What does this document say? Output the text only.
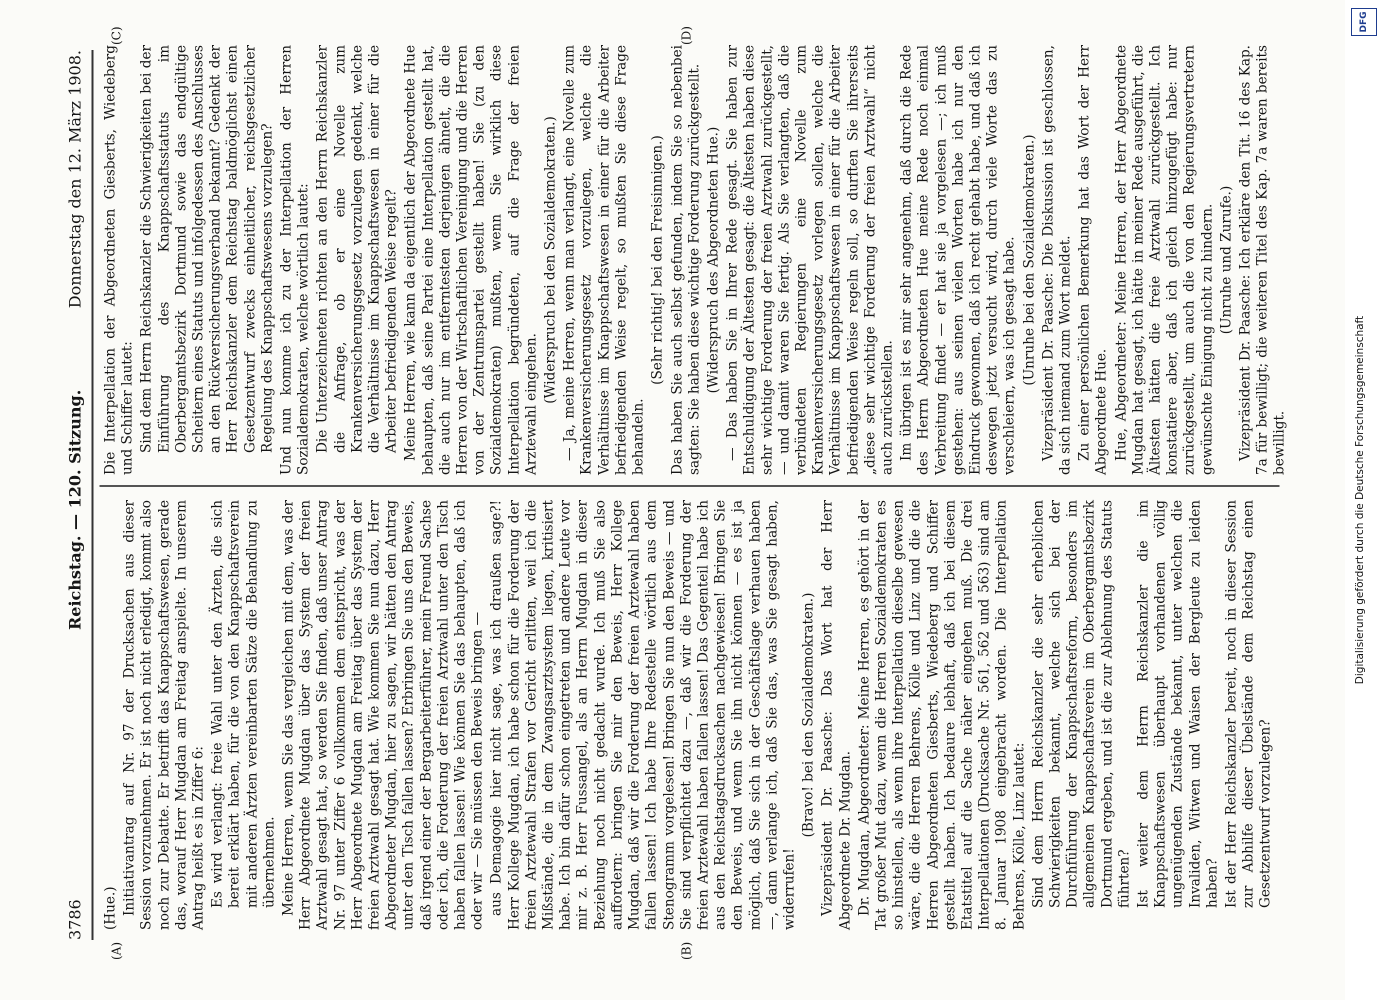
3786
Reichstag. — 120. Sitzung.
Donnerstag den 12. März 1908.
(A)	(B)
(C)	(D)

(Hue.) Initiativantrag auf Nr. 97 der Drucksachen aus dieser Session vorzunehmen. Er ist noch nicht erledigt, kommt also noch zur Debatte. Er betrifft das Knappschaftswesen, gerade das, worauf Herr Mugdan am Freitag anspielte. In unserem Antrag heißt es in Ziffer 6: Es wird verlangt: freie Wahl unter den Ärzten, die sich bereit erklärt haben, für die von den Knappschaftsverein mit anderen Ärzten vereinbarten Sätze die Behandlung zu übernehmen. Meine Herren, wenn Sie das vergleichen mit dem, was der Herr Abgeordnete Mugdan über das System der freien Arztwahl gesagt hat, so werden Sie finden, daß unser Antrag Nr. 97 unter Ziffer 6 vollkommen dem entspricht, was der Herr Abgeordnete Mugdan am Freitag über das System der freien Arztwahl gesagt hat. Wie kommen Sie nun dazu, Herr Abgeordneter Mugdan, hier zu sagen, wir hätten den Antrag unter den Tisch fallen lassen? Erbringen Sie uns den Beweis, daß irgend einer der Bergarbeiterführer, mein Freund Sachse oder ich, die Forderung der freien Arztwahl unter den Tisch haben fallen lassen! Wie können Sie das behaupten, daß ich oder wir — Sie müssen den Beweis bringen — aus Demagogie hier nicht sage, was ich draußen sage?! Herr Kollege Mugdan, ich habe schon für die Forderung der freien Arztewahl Strafen vor Gericht erlitten, weil ich die Mißstände, die in dem Zwangsarztsystem liegen, kritisiert habe. Ich bin dafür schon eingetreten und andere Leute vor mir z. B. Herr Fussangel, als an Herrn Mugdan in dieser Beziehung noch nicht gedacht wurde. Ich muß Sie also auffordern: bringen Sie mir den Beweis, Herr Kollege Mugdan, daß wir die Forderung der freien Arztewahl haben fallen lassen! Ich habe Ihre Redestelle wörtlich aus dem Stenogramm vorgelesen! Bringen Sie nun den Beweis — und Sie sind verpflichtet dazu —, daß wir die Forderung der freien Arztewahl haben fallen lassen! Das Gegenteil habe ich aus den Reichstagsdrucksachen nachgewiesen! Bringen Sie den Beweis, und wenn Sie ihn nicht können — es ist ja möglich, daß Sie sich in der Geschäftslage verhauen haben —, dann verlange ich, daß Sie das, was Sie gesagt haben, widerrufen!

(Bravo! bei den Sozialdemokraten.) Vizepräsident Dr. Paasche: Das Wort hat der Herr Abgeordnete Dr. Mugdan. Dr. Mugdan, Abgeordneter: Meine Herren, es gehört in der Tat großer Mut dazu, wenn die Herren Sozialdemokraten es so hinstellen, als wenn ihre Interpellation dieselbe gewesen wäre, die die Herren Behrens, Kölle und Linz und die die Herren Abgeordneten Giesberts, Wiedeberg und Schiffer gestellt haben. Ich bedaure lebhaft, daß ich bei diesem Etatstitel auf die Sache näher eingehen muß. Die drei Interpellationen (Drucksache Nr. 561, 562 und 563) sind am 8. Januar 1908 eingebracht worden. Die Interpellation Behrens, Kölle, Linz lautet: Sind dem Herrn Reichskanzler die sehr erheblichen Schwierigkeiten bekannt, welche sich bei der Durchführung der Knappschaftsreform, besonders im allgemeinen Knappschaftsverein im Oberbergamtsbezirk Dortmund ergeben, und ist die zur Ablehnung des Statuts führten? Ist weiter dem Herrn Reichskanzler die im Knappschaftswesen überhaupt vorhandenen völlig ungenügenden Zustände bekannt, unter welchen die Invaliden, Witwen und Waisen der Bergleute zu leiden haben? Ist der Herr Reichskanzler bereit, noch in dieser Session zur Abhilfe dieser Übelstände dem Reichstag einen Gesetzentwurf vorzulegen?

Die Interpellation der Abgeordneten Giesberts, Wiedeberg und Schiffer lautet: Sind dem Herrn Reichskanzler die Schwierigkeiten bei der Einführung des Knappschaftsstatuts im Oberbergamtsbezirk Dortmund sowie das endgültige Scheitern eines Statuts und infolgedessen des Anschlusses an den Rückversicherungsverband bekannt? Gedenkt der Herr Reichskanzler dem Reichstag baldmöglichst einen Gesetzentwurf zwecks einheitlicher, reichsgesetzlicher Regelung des Knappschaftswesens vorzulegen? Und nun komme ich zu der Interpellation der Herren Sozialdemokraten, welche wörtlich lautet: Die Unterzeichneten richten an den Herrn Reichskanzler die Anfrage, ob er eine Novelle zum Krankenversicherungsgesetz vorzulegen gedenkt, welche die Verhältnisse im Knappschaftswesen in einer für die Arbeiter befriedigenden Weise regelt? Meine Herren, wie kann da eigentlich der Abgeordnete Hue behaupten, daß seine Partei eine Interpellation gestellt hat, die auch nur im entferntesten derjenigen ähnelt, die die Herren von der Wirtschaftlichen Vereinigung und die Herren von der Zentrumspartei gestellt haben! Sie (zu den Sozialdemokraten) mußten, wenn Sie wirklich diese Interpellation begründeten, auf die Frage der freien Arztewahl eingehen.

(Widerspruch bei den Sozialdemokraten.) — Ja, meine Herren, wenn man verlangt, eine Novelle zum Krankenversicherungsgesetz vorzulegen, welche die Verhältnisse im Knappschaftswesen in einer für die Arbeiter befriedigenden Weise regelt, so mußten Sie diese Frage behandeln.

(Sehr richtig! bei den Freisinnigen.) Das haben Sie auch selbst gefunden, indem Sie so nebenbei sagten: Sie haben diese wichtige Forderung zurückgestellt. (Widerspruch des Abgeordneten Hue.) — Das haben Sie in Ihrer Rede gesagt. Sie haben zur Entschuldigung der Ältesten gesagt: die Ältesten haben diese sehr wichtige Forderung der freien Arztwahl zurückgestellt, — und damit waren Sie fertig. Als Sie verlangten, daß die verbündeten Regierungen eine Novelle zum Krankenversicherungsgesetz vorlegen sollen, welche die Verhältnisse im Knappschaftswesen in einer für die Arbeiter befriedigenden Weise regeln soll, so durften Sie ihrerseits „diese sehr wichtige Forderung der freien Arztwahl“ nicht auch zurückstellen. Im übrigen ist es mir sehr angenehm, daß durch die Rede des Herrn Abgeordneten Hue meine Rede noch einmal Verbreitung findet — er hat sie ja vorgelesen —; ich muß gestehen: aus seinen vielen Worten habe ich nur den Eindruck gewonnen, daß ich recht gehabt habe, und daß ich deswegen jetzt versucht wird, durch viele Worte das zu verschleiern, was ich gesagt habe. (Unruhe bei den Sozialdemokraten.) Vizepräsident Dr. Paasche: Die Diskussion ist geschlossen, da sich niemand zum Wort meldet. Zu einer persönlichen Bemerkung hat das Wort der Herr Abgeordnete Hue. Hue, Abgeordneter: Meine Herren, der Herr Abgeordnete Mugdan hat gesagt, ich hätte in meiner Rede ausgeführt, die Ältesten hätten die freie Arztwahl zurückgestellt. Ich konstatiere aber, daß ich gleich hinzugefügt habe: nur zurückgestellt, um auch die von den Regierungsvertretern gewünschte Einigung nicht zu hindern. (Unruhe und Zurufe.) Vizepräsident Dr. Paasche: Ich erkläre den Tit. 16 des Kap. 7a für bewilligt; die weiteren Titel des Kap. 7a waren bereits bewilligt.	Digitalisierung gefördert durch die Deutsche Forschungsgemeinschaft
DFG
